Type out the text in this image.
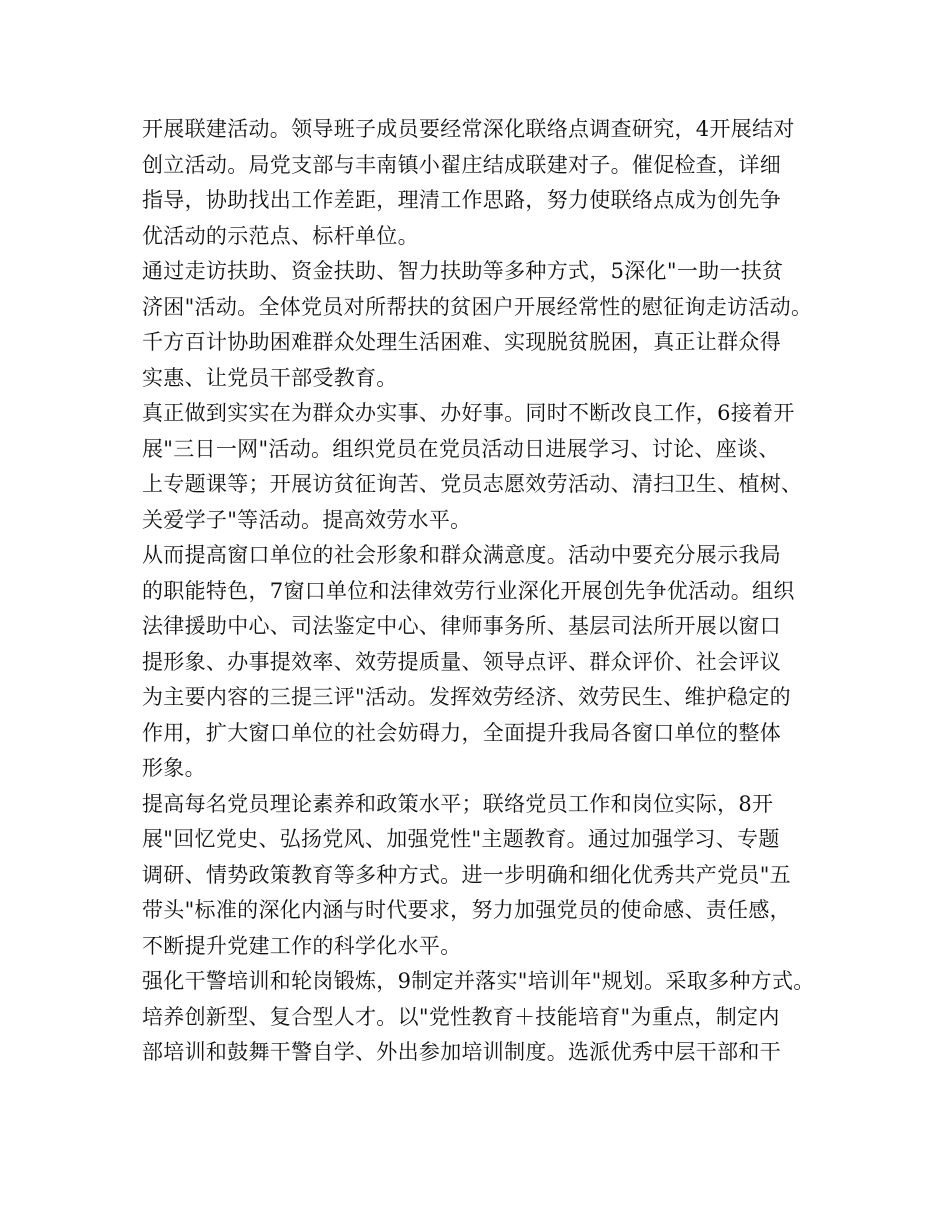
开展联建活动。领导班子成员要经常深化联络点调查研究，4开展结对
创立活动。局党支部与丰南镇小翟庄结成联建对子。催促检查，详细
指导，协助找出工作差距，理清工作思路，努力使联络点成为创先争
优活动的示范点、标杆单位。
通过走访扶助、资金扶助、智力扶助等多种方式，5深化"一助一扶贫
济困"活动。全体党员对所帮扶的贫困户开展经常性的慰征询走访活动。
千方百计协助困难群众处理生活困难、实现脱贫脱困，真正让群众得
实惠、让党员干部受教育。
真正做到实实在为群众办实事、办好事。同时不断改良工作，6接着开
展"三日一网"活动。组织党员在党员活动日进展学习、讨论、座谈、
上专题课等；开展访贫征询苦、党员志愿效劳活动、清扫卫生、植树、
关爱学子"等活动。提高效劳水平。
从而提高窗口单位的社会形象和群众满意度。活动中要充分展示我局
的职能特色，7窗口单位和法律效劳行业深化开展创先争优活动。组织
法律援助中心、司法鉴定中心、律师事务所、基层司法所开展以窗口
提形象、办事提效率、效劳提质量、领导点评、群众评价、社会评议
为主要内容的三提三评"活动。发挥效劳经济、效劳民生、维护稳定的
作用，扩大窗口单位的社会妨碍力，全面提升我局各窗口单位的整体
形象。
提高每名党员理论素养和政策水平；联络党员工作和岗位实际，8开
展"回忆党史、弘扬党风、加强党性"主题教育。通过加强学习、专题
调研、情势政策教育等多种方式。进一步明确和细化优秀共产党员"五
带头"标准的深化内涵与时代要求，努力加强党员的使命感、责任感，
不断提升党建工作的科学化水平。
强化干警培训和轮岗锻炼，9制定并落实"培训年"规划。采取多种方式。
培养创新型、复合型人才。以"党性教育＋技能培育"为重点，制定内
部培训和鼓舞干警自学、外出参加培训制度。选派优秀中层干部和干
